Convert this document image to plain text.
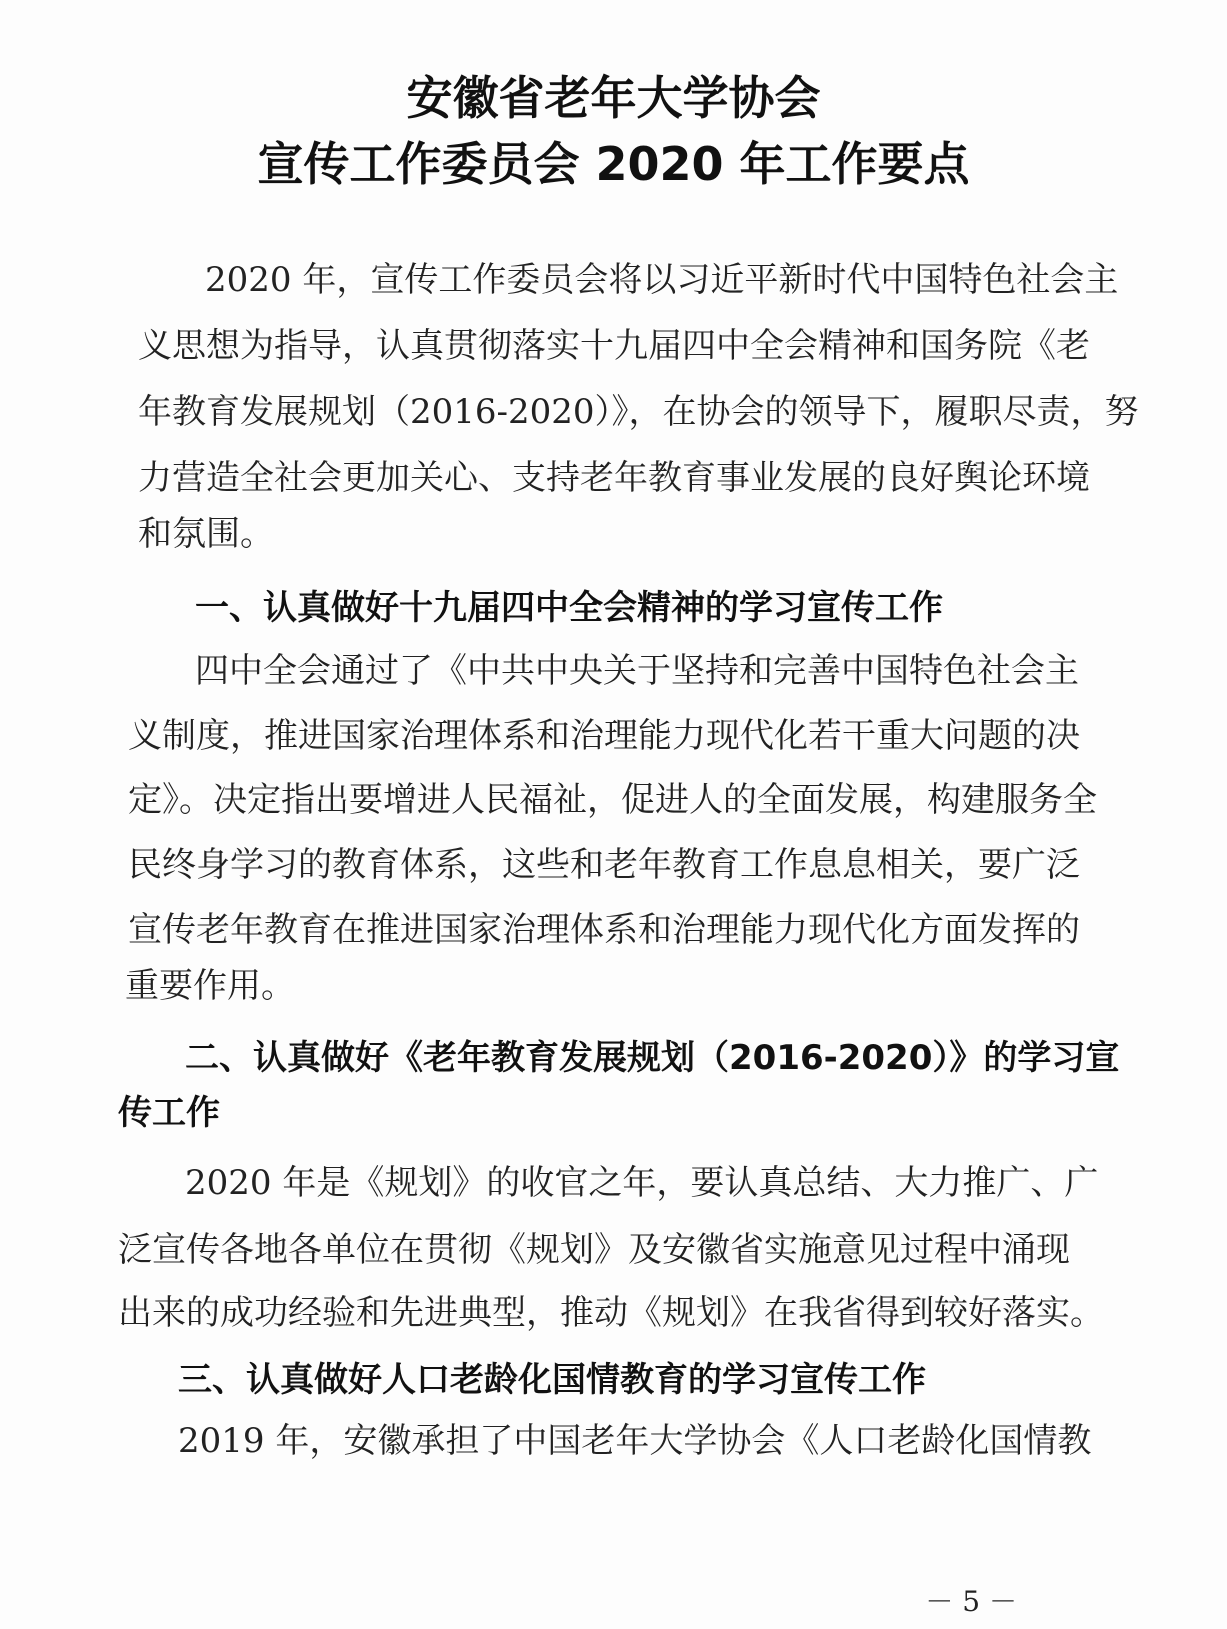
安徽省老年大学协会
宣传工作委员会 2020 年工作要点
2020 年，宣传工作委员会将以习近平新时代中国特色社会主
义思想为指导，认真贯彻落实十九届四中全会精神和国务院《老
年教育发展规划（2016-2020）》，在协会的领导下，履职尽责，努
力营造全社会更加关心、支持老年教育事业发展的良好舆论环境
和氛围。
一、认真做好十九届四中全会精神的学习宣传工作
四中全会通过了《中共中央关于坚持和完善中国特色社会主
义制度，推进国家治理体系和治理能力现代化若干重大问题的决
定》。决定指出要增进人民福祉，促进人的全面发展，构建服务全
民终身学习的教育体系，这些和老年教育工作息息相关，要广泛
宣传老年教育在推进国家治理体系和治理能力现代化方面发挥的
重要作用。
二、认真做好《老年教育发展规划（2016-2020）》的学习宣
传工作
2020 年是《规划》的收官之年，要认真总结、大力推广、广
泛宣传各地各单位在贯彻《规划》及安徽省实施意见过程中涌现
出来的成功经验和先进典型，推动《规划》在我省得到较好落实。
三、认真做好人口老龄化国情教育的学习宣传工作
2019 年，安徽承担了中国老年大学协会《人口老龄化国情教
－ 5 －
